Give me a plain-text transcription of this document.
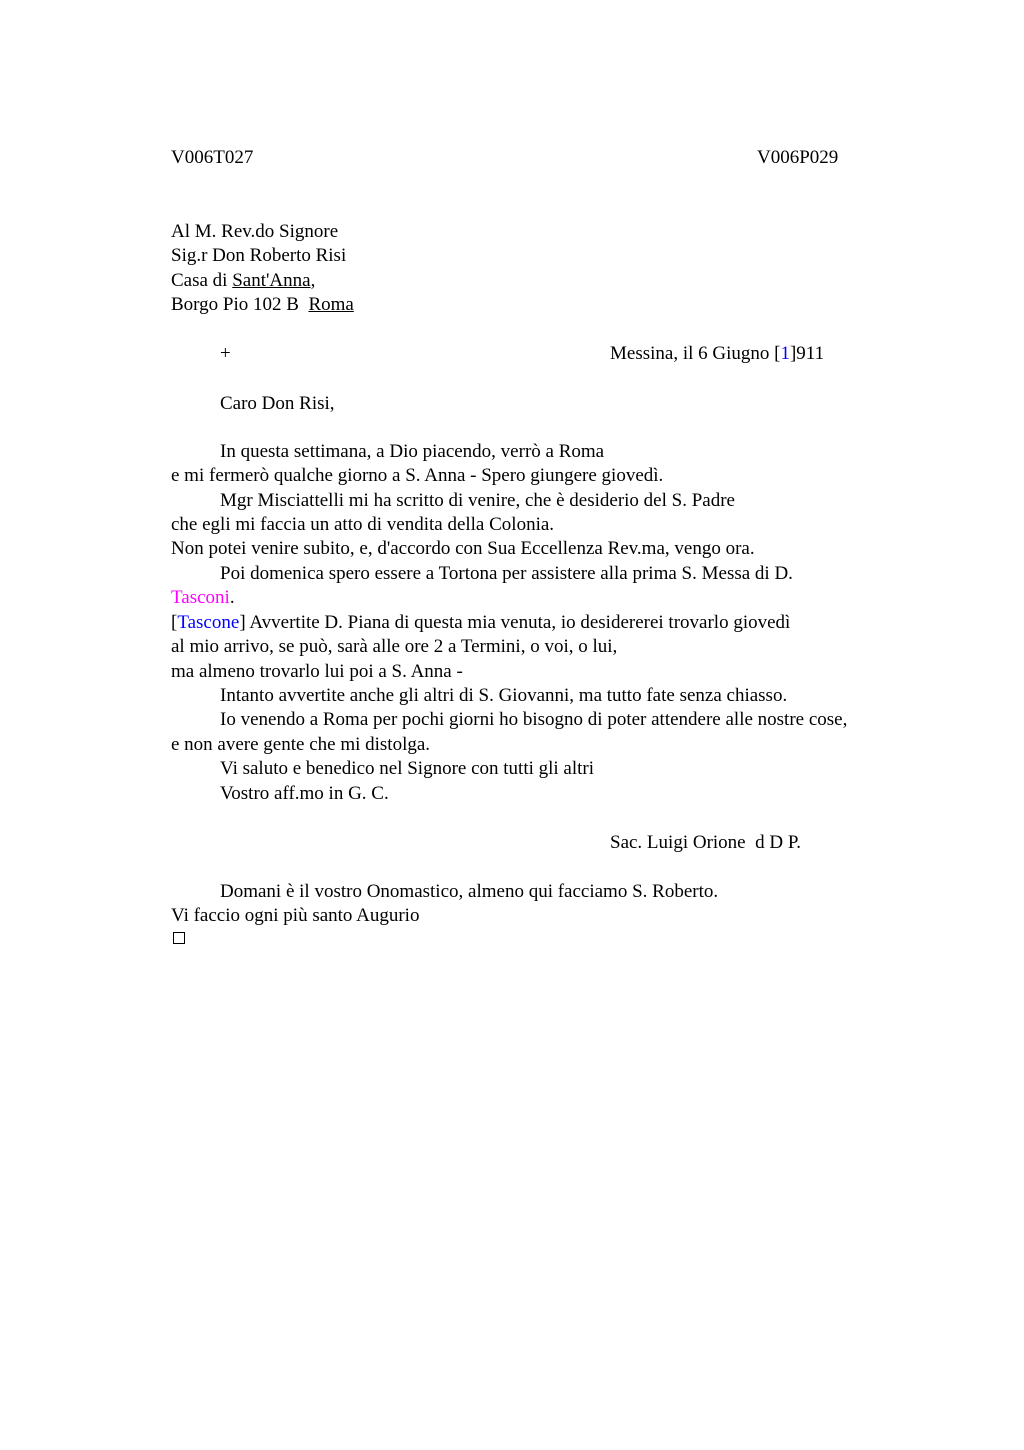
V006T027	V006P029
Al M. Rev.do Signore
Sig.r Don Roberto Risi
Casa di Sant'Anna,
Borgo Pio 102 B  Roma
+	Messina, il 6 Giugno [1]911
Caro Don Risi,
In questa settimana, a Dio piacendo, verrò a Roma
e mi fermerò qualche giorno a S. Anna - Spero giungere giovedì.
Mgr Misciattelli mi ha scritto di venire, che è desiderio del S. Padre
che egli mi faccia un atto di vendita della Colonia.
Non potei venire subito, e, d'accordo con Sua Eccellenza Rev.ma, vengo ora.
Poi domenica spero essere a Tortona per assistere alla prima S. Messa di D.
Tasconi.
[Tascone] Avvertite D. Piana di questa mia venuta, io desidererei trovarlo giovedì
al mio arrivo, se può, sarà alle ore 2 a Termini, o voi, o lui,
ma almeno trovarlo lui poi a S. Anna -
Intanto avvertite anche gli altri di S. Giovanni, ma tutto fate senza chiasso.
Io venendo a Roma per pochi giorni ho bisogno di poter attendere alle nostre cose,
e non avere gente che mi distolga.
Vi saluto e benedico nel Signore con tutti gli altri
Vostro aff.mo in G. C.
Sac. Luigi Orione  d D P.
Domani è il vostro Onomastico, almeno qui facciamo S. Roberto.
Vi faccio ogni più santo Augurio
